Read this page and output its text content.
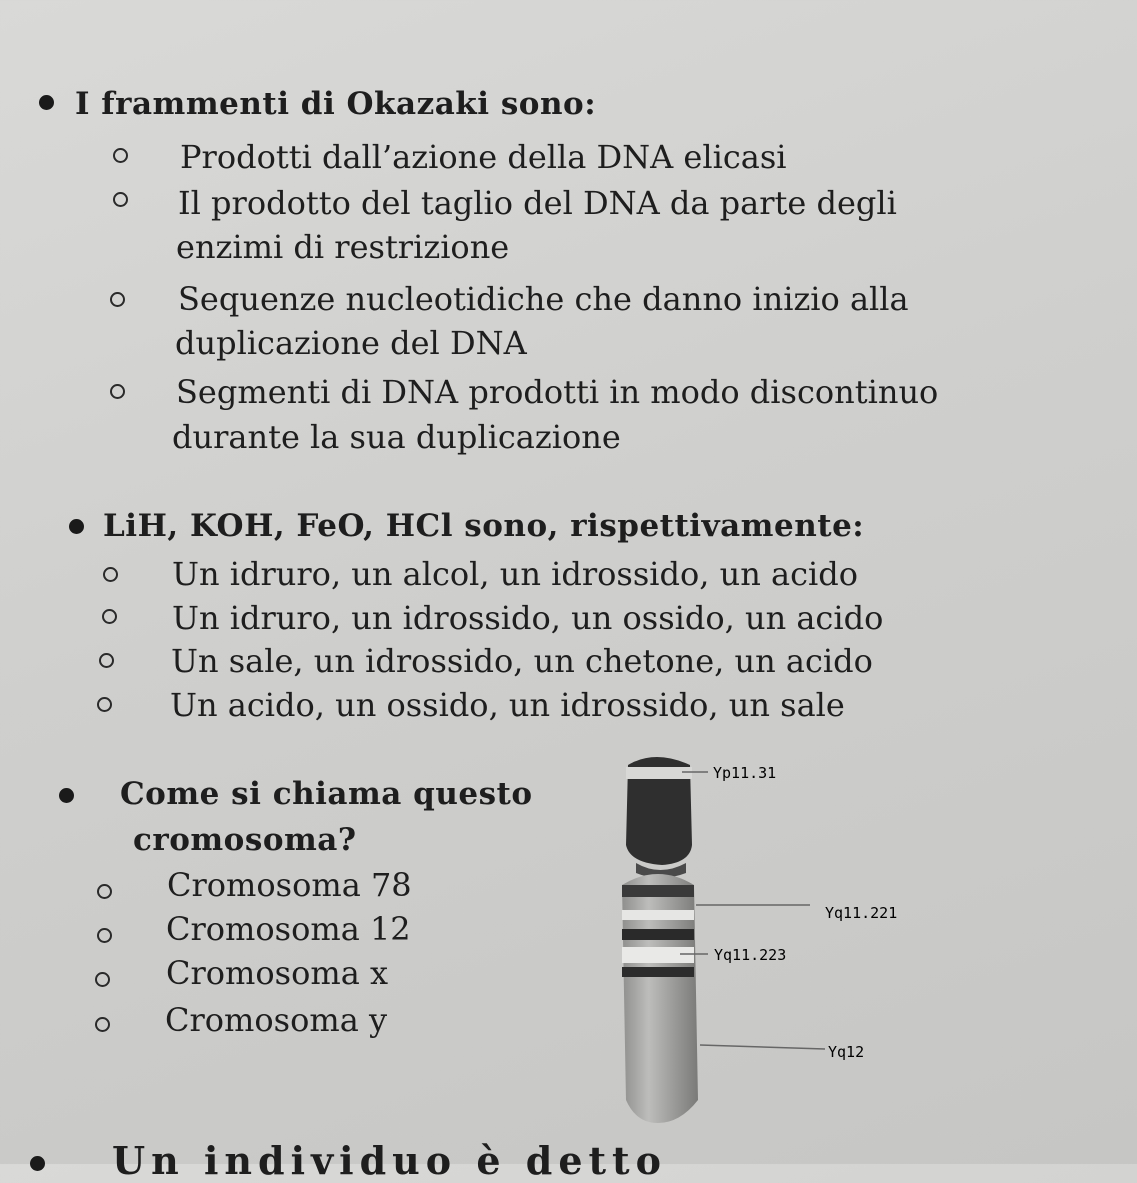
I frammenti di Okazaki sono:
Prodotti dall’azione della DNA elicasi
Il prodotto del taglio del DNA da parte degli
enzimi di restrizione
Sequenze nucleotidiche che danno inizio alla
duplicazione del DNA
Segmenti di DNA prodotti in modo discontinuo
durante la sua duplicazione
LiH, KOH, FeO, HCl sono, rispettivamente:
Un idruro, un alcol, un idrossido, un acido
Un idruro, un idrossido, un ossido, un acido
Un sale, un idrossido, un chetone, un acido
Un acido, un ossido, un idrossido, un sale
Come si chiama questo
cromosoma?
Cromosoma 78
Cromosoma 12
Cromosoma x
Cromosoma y
Yp11.31
Yq11.221
Yq11.223
Yq12
Un individuo è detto
